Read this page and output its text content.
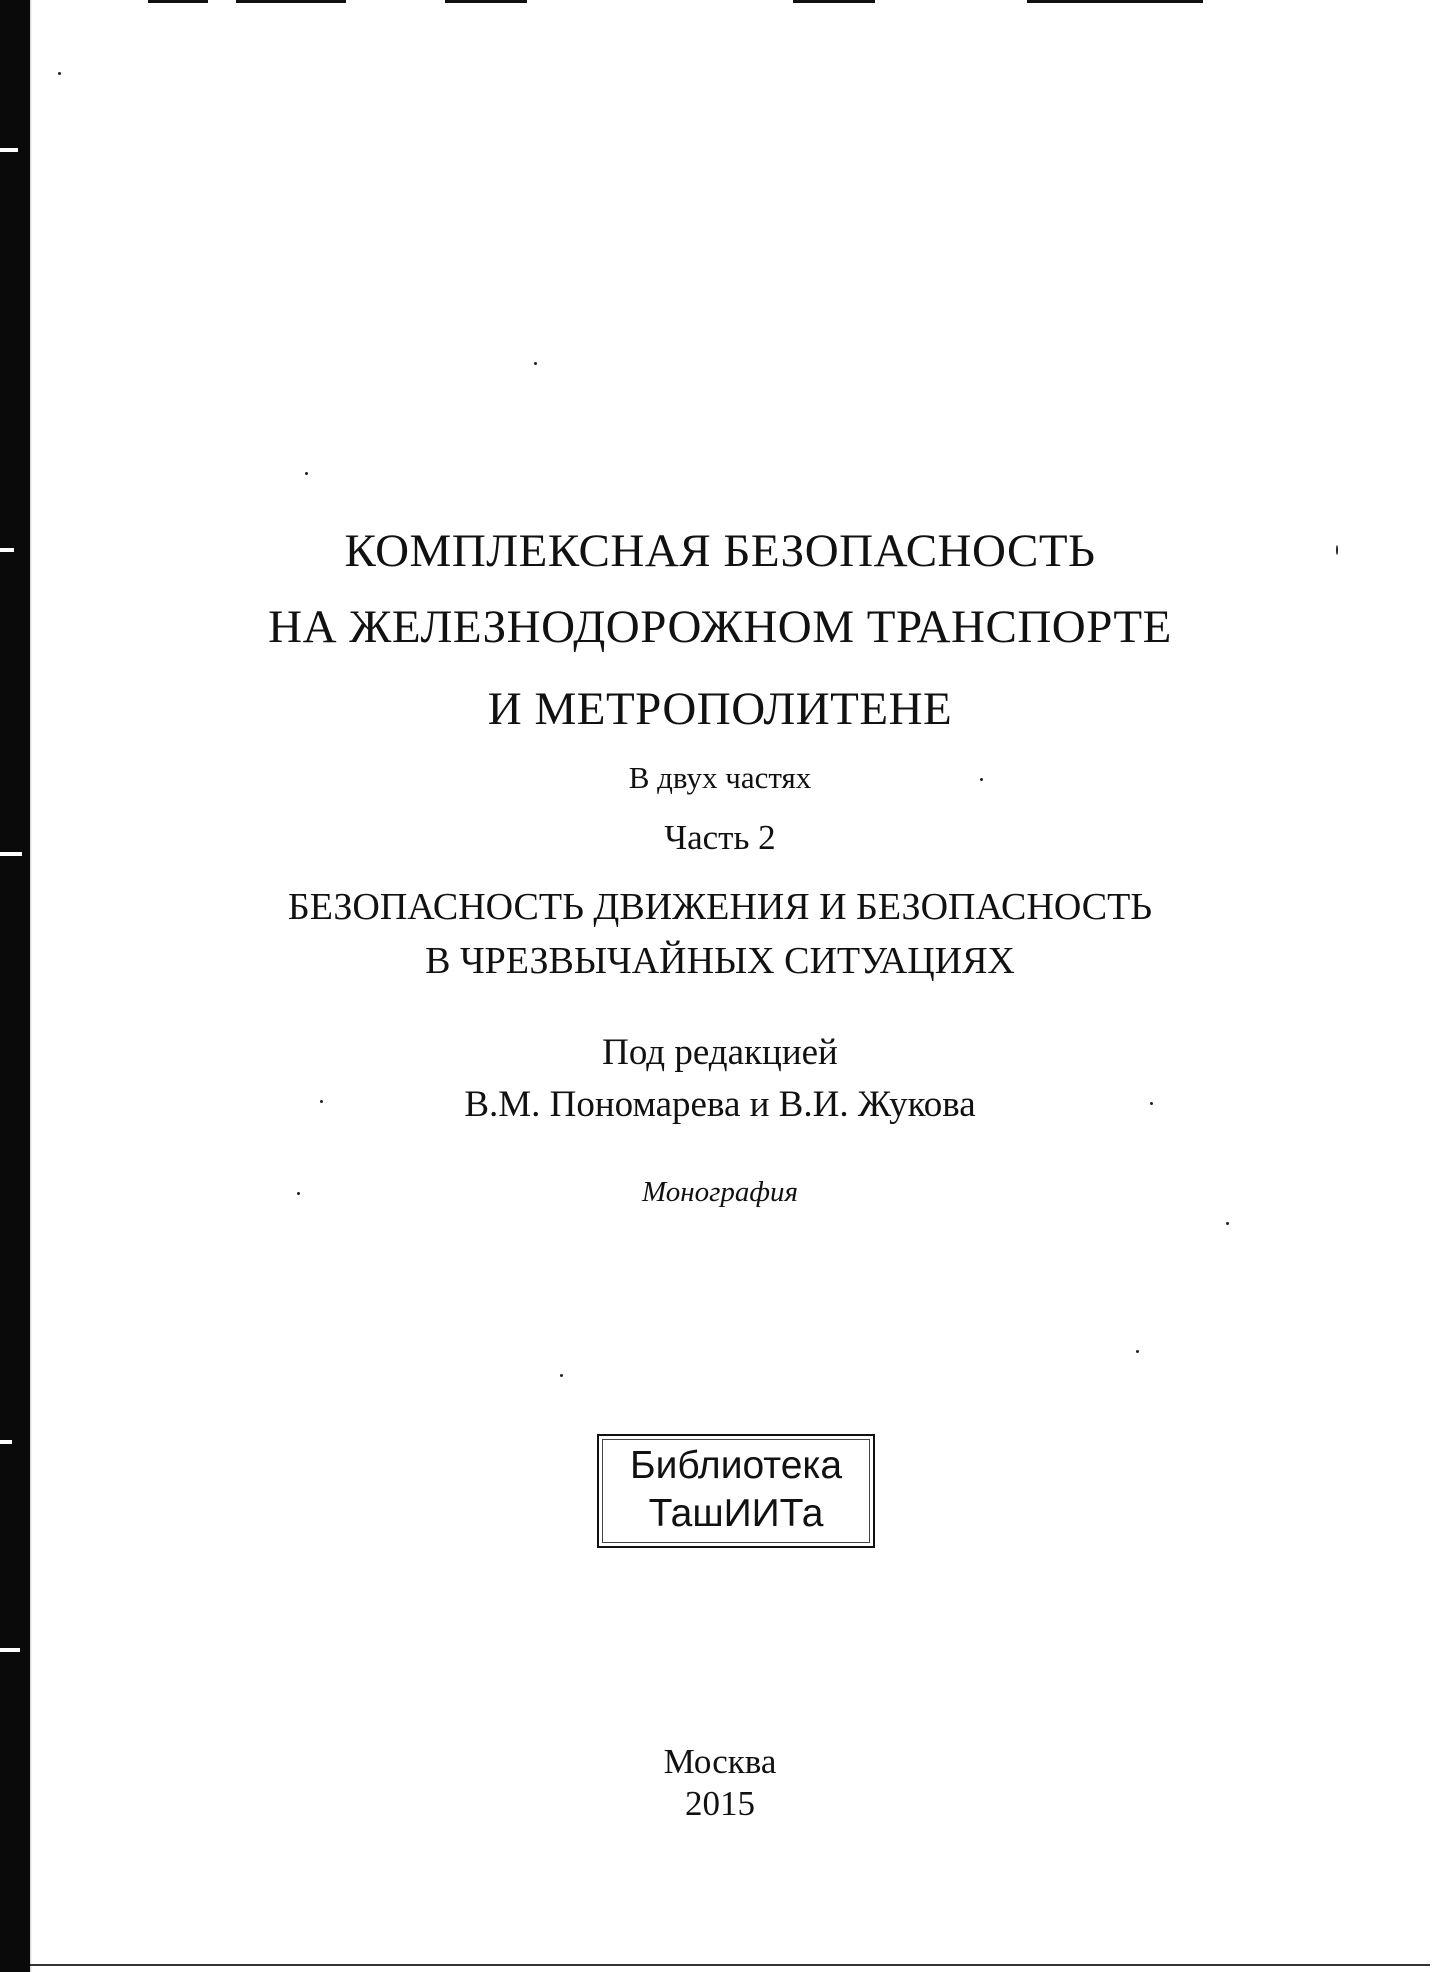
КОМПЛЕКСНАЯ БЕЗОПАСНОСТЬ
НА ЖЕЛЕЗНОДОРОЖНОМ ТРАНСПОРТЕ
И МЕТРОПОЛИТЕНЕ
В двух частях
Часть 2
БЕЗОПАСНОСТЬ ДВИЖЕНИЯ И БЕЗОПАСНОСТЬ
В ЧРЕЗВЫЧАЙНЫХ СИТУАЦИЯХ
Под редакцией
В.М. Пономарева и В.И. Жукова
Монография
Библиотека
ТашИИТа
Москва
2015
